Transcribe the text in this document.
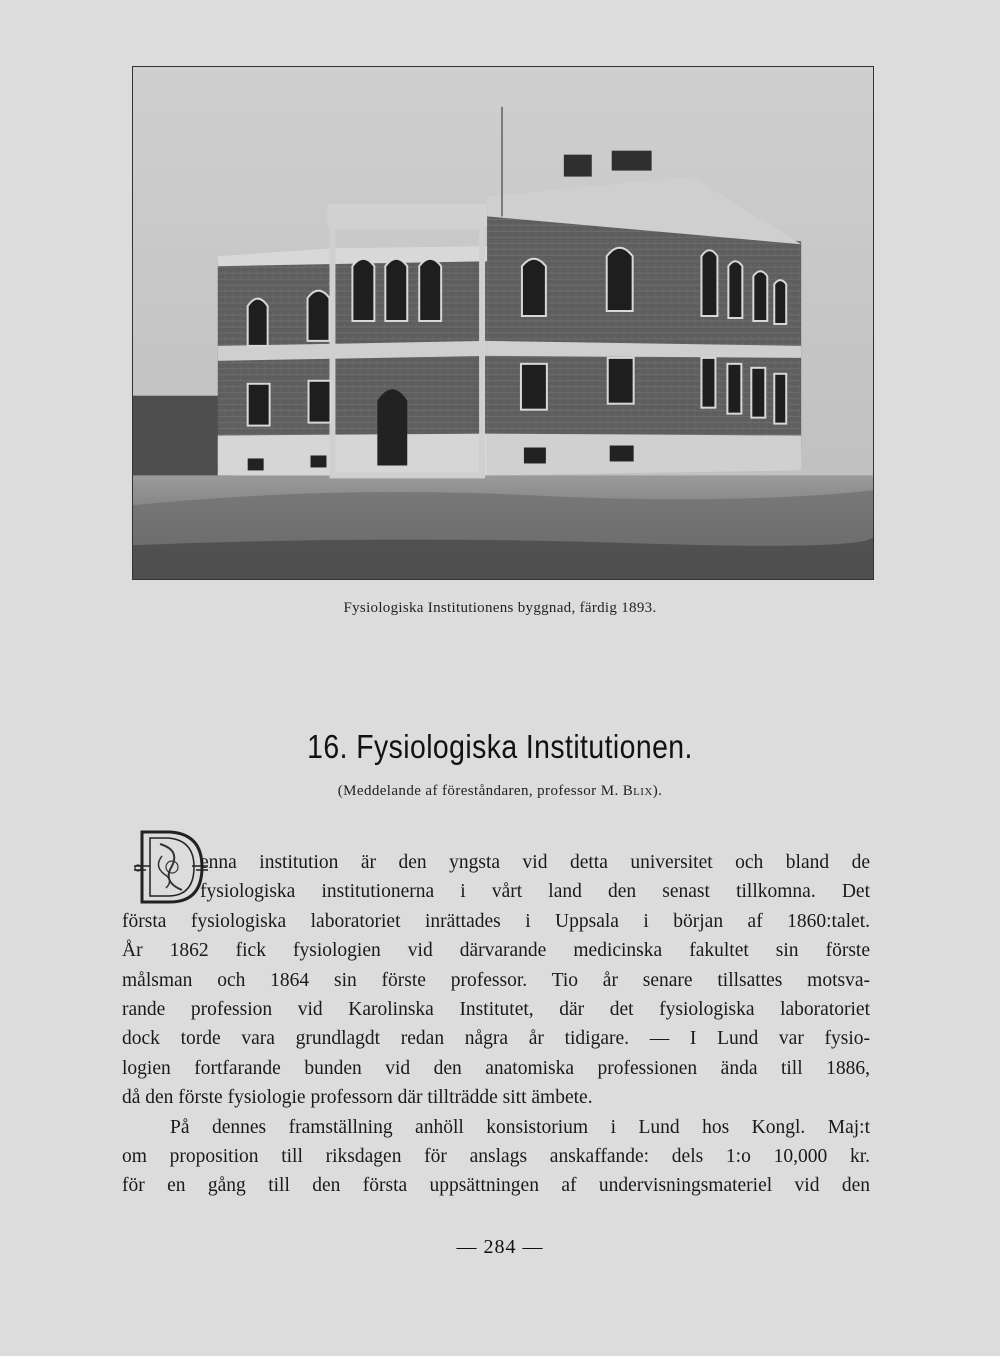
Fysiologiska Institutionens byggnad, färdig 1893.
16. Fysiologiska Institutionen.
(Meddelande af föreståndaren, professor M. Blix).
enna institution är den yngsta vid detta universitet och bland de
fysiologiska institutionerna i vårt land den senast tillkomna. Det
första fysiologiska laboratoriet inrättades i Uppsala i början af 1860:talet.
År 1862 fick fysiologien vid därvarande medicinska fakultet sin förste
målsman och 1864 sin förste professor. Tio år senare tillsattes motsva-
rande profession vid Karolinska Institutet, där det fysiologiska laboratoriet
dock torde vara grundlagdt redan några år tidigare. — I Lund var fysio-
logien fortfarande bunden vid den anatomiska professionen ända till 1886,
då den förste fysiologie professorn där tillträdde sitt ämbete.
På dennes framställning anhöll konsistorium i Lund hos Kongl. Maj:t
om proposition till riksdagen för anslags anskaffande: dels 1:o 10,000 kr.
för en gång till den första uppsättningen af undervisningsmateriel vid den
— 284 —
